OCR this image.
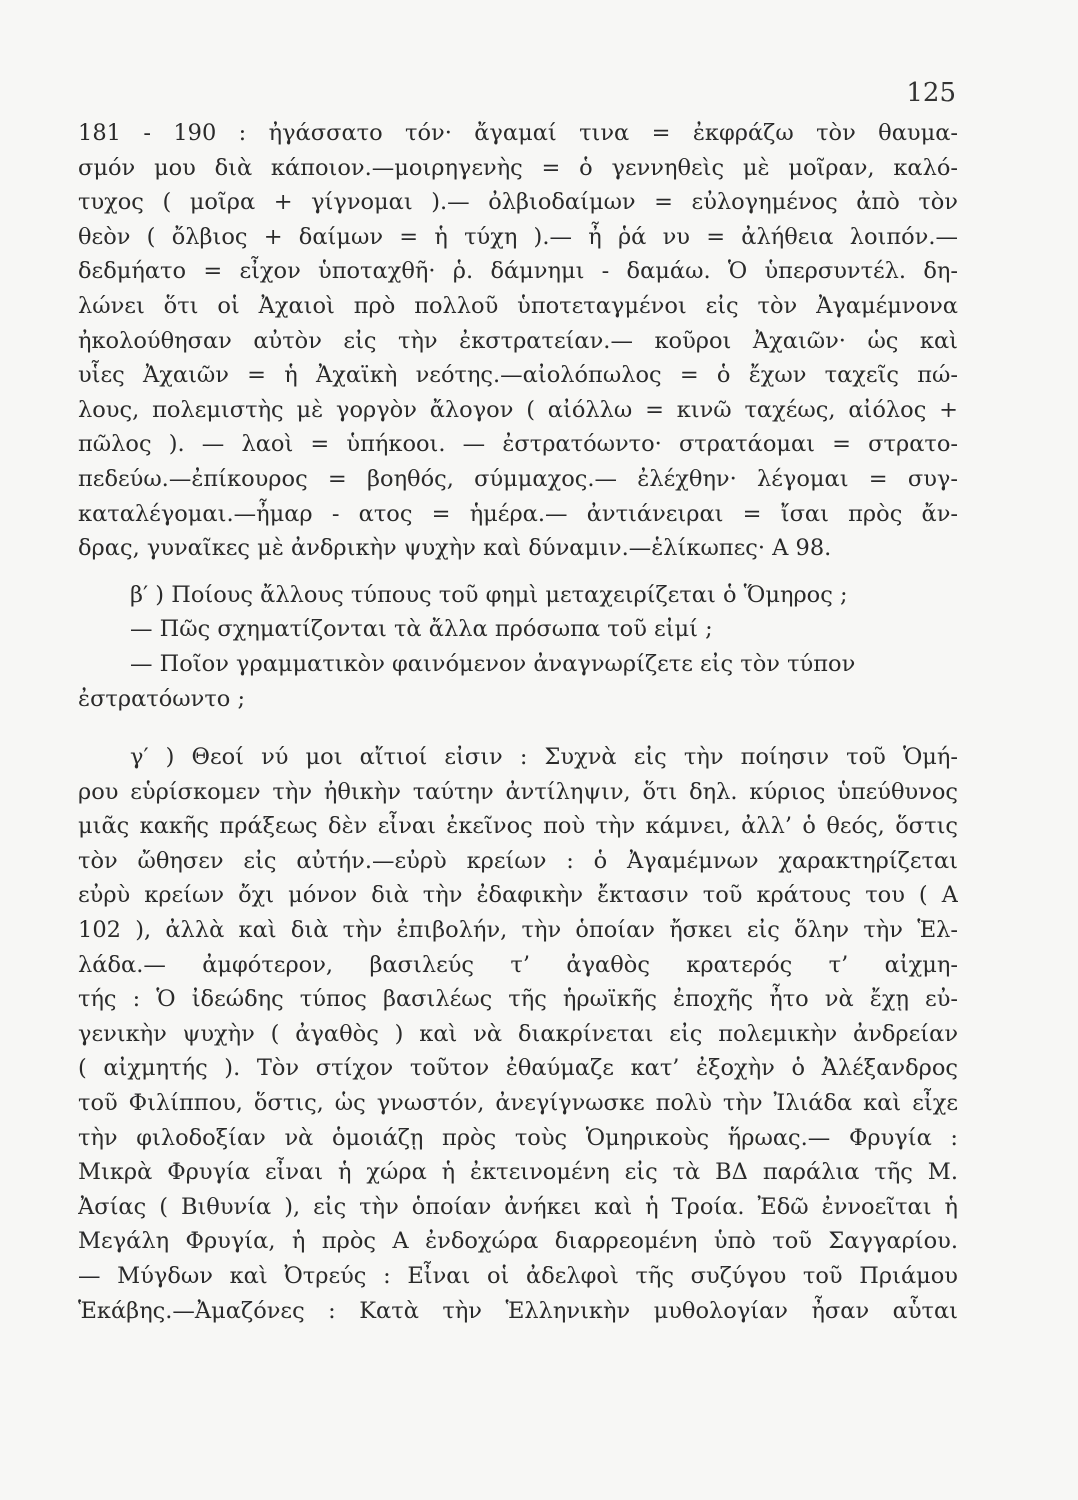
125
181 - 190 : ἠγάσσατο τόν· ἄγαμαί τινα = ἐκφράζω τὸν θαυμα-
σμόν μου διὰ κάποιον.—μοιρηγενὴς = ὁ γεννηθεὶς μὲ μοῖραν, καλό-
τυχος ( μοῖρα + γίγνομαι ).— ὀλβιοδαίμων = εὐλογημένος ἀπὸ τὸν
θεὸν ( ὄλβιος + δαίμων = ἡ τύχη ).— ἦ ῥά νυ = ἀλήθεια λοιπόν.—
δεδμήατο = εἶχον ὑποταχθῆ· ῥ. δάμνημι - δαμάω. Ὁ ὑπερσυντέλ. δη-
λώνει ὅτι οἱ Ἀχαιοὶ πρὸ πολλοῦ ὑποτεταγμένοι εἰς τὸν Ἀγαμέμνονα
ἠκολούθησαν αὐτὸν εἰς τὴν ἐκστρατείαν.— κοῦροι Ἀχαιῶν· ὡς καὶ
υἷες Ἀχαιῶν = ἡ Ἀχαϊκὴ νεότης.—αἰολόπωλος = ὁ ἔχων ταχεῖς πώ-
λους, πολεμιστὴς μὲ γοργὸν ἄλογον ( αἰόλλω = κινῶ ταχέως, αἰόλος +
πῶλος ). — λαοὶ = ὑπήκοοι. — ἐστρατόωντο· στρατάομαι = στρατο-
πεδεύω.—ἐπίκουρος = βοηθός, σύμμαχος.— ἐλέχθην· λέγομαι = συγ-
καταλέγομαι.—ἦμαρ - ατος = ἡμέρα.— ἀντιάνειραι = ἴσαι πρὸς ἄν-
δρας, γυναῖκες μὲ ἀνδρικὴν ψυχὴν καὶ δύναμιν.—ἑλίκωπες· Α 98.
β′ ) Ποίους ἄλλους τύπους τοῦ φημὶ μεταχειρίζεται ὁ Ὅμηρος ;
— Πῶς σχηματίζονται τὰ ἄλλα πρόσωπα τοῦ εἰμί ;
— Ποῖον γραμματικὸν φαινόμενον ἀναγνωρίζετε εἰς τὸν τύπον
ἐστρατόωντο ;
γ′ ) Θεοί νύ μοι αἴτιοί εἰσιν : Συχνὰ εἰς τὴν ποίησιν τοῦ Ὁμή-
ρου εὑρίσκομεν τὴν ἠθικὴν ταύτην ἀντίληψιν, ὅτι δηλ. κύριος ὑπεύθυνος
μιᾶς κακῆς πράξεως δὲν εἶναι ἐκεῖνος ποὺ τὴν κάμνει, ἀλλ’ ὁ θεός, ὅστις
τὸν ὤθησεν εἰς αὐτήν.—εὐρὺ κρείων : ὁ Ἀγαμέμνων χαρακτηρίζεται
εὐρὺ κρείων ὄχι μόνον διὰ τὴν ἐδαφικὴν ἔκτασιν τοῦ κράτους του ( Α
102 ), ἀλλὰ καὶ διὰ τὴν ἐπιβολήν, τὴν ὁποίαν ἤσκει εἰς ὅλην τὴν Ἑλ-
λάδα.— ἀμφότερον, βασιλεύς τ’ ἀγαθὸς κρατερός τ’ αἰχμη-
τής : Ὁ ἰδεώδης τύπος βασιλέως τῆς ἡρωϊκῆς ἐποχῆς ἦτο νὰ ἔχῃ εὐ-
γενικὴν ψυχὴν ( ἀγαθὸς ) καὶ νὰ διακρίνεται εἰς πολεμικὴν ἀνδρείαν
( αἰχμητής ). Τὸν στίχον τοῦτον ἐθαύμαζε κατ’ ἐξοχὴν ὁ Ἀλέξανδρος
τοῦ Φιλίππου, ὅστις, ὡς γνωστόν, ἀνεγίγνωσκε πολὺ τὴν Ἰλιάδα καὶ εἶχε
τὴν φιλοδοξίαν νὰ ὁμοιάζῃ πρὸς τοὺς Ὁμηρικοὺς ἥρωας.— Φρυγία :
Μικρὰ Φρυγία εἶναι ἡ χώρα ἡ ἐκτεινομένη εἰς τὰ ΒΔ παράλια τῆς Μ.
Ἀσίας ( Βιθυνία ), εἰς τὴν ὁποίαν ἀνήκει καὶ ἡ Τροία. Ἐδῶ ἐννοεῖται ἡ
Μεγάλη Φρυγία, ἡ πρὸς Α ἐνδοχώρα διαρρεομένη ὑπὸ τοῦ Σαγγαρίου.
— Μύγδων καὶ Ὀτρεύς : Εἶναι οἱ ἀδελφοὶ τῆς συζύγου τοῦ Πριάμου
Ἑκάβης.—Ἀμαζόνες : Κατὰ τὴν Ἑλληνικὴν μυθολογίαν ἦσαν αὗται
